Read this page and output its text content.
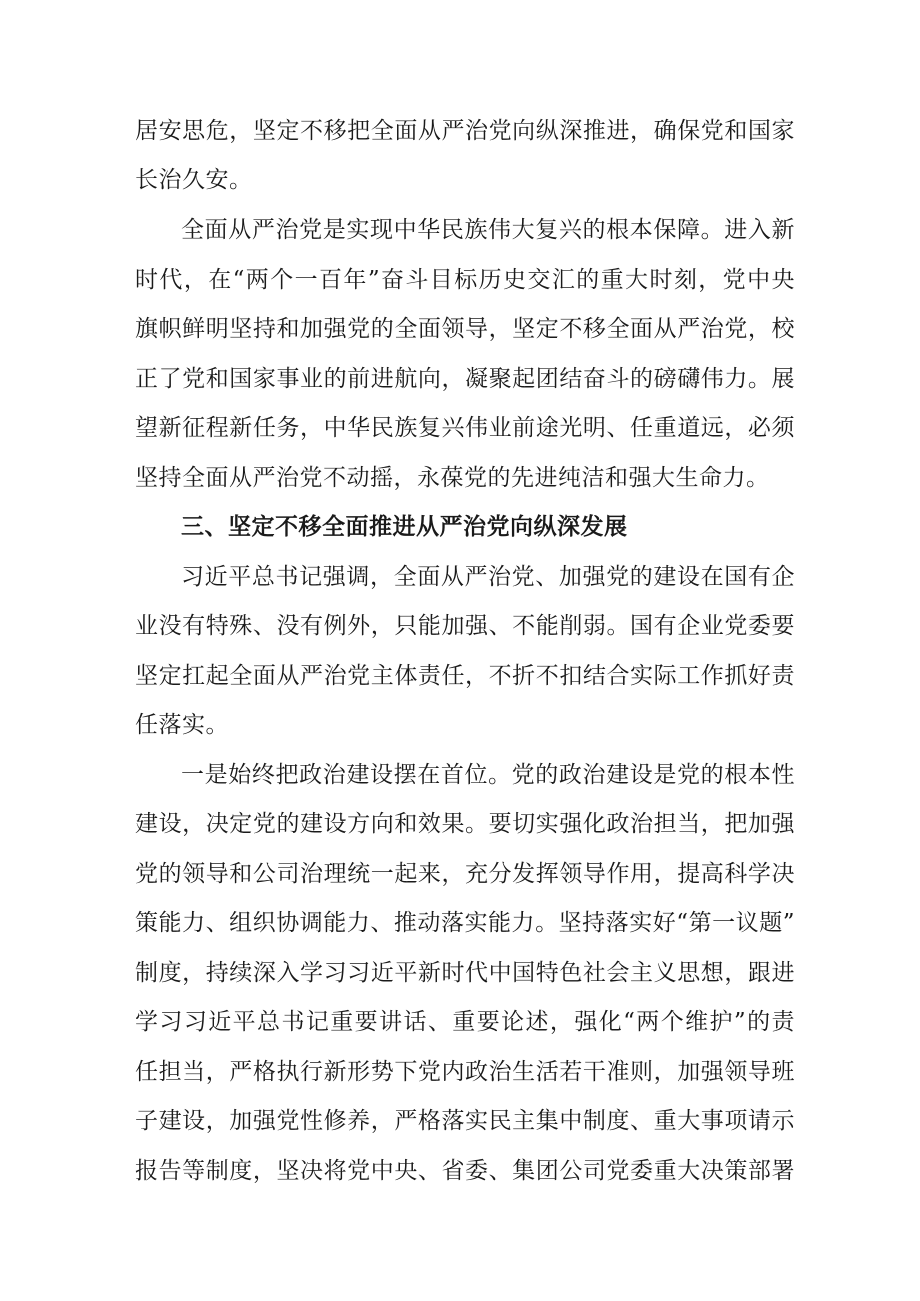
居安思危，坚定不移把全面从严治党向纵深推进，确保党和国家
长治久安。
全面从严治党是实现中华民族伟大复兴的根本保障。进入新
时代，在“两个一百年”奋斗目标历史交汇的重大时刻，党中央
旗帜鲜明坚持和加强党的全面领导，坚定不移全面从严治党，校
正了党和国家事业的前进航向，凝聚起团结奋斗的磅礴伟力。展
望新征程新任务，中华民族复兴伟业前途光明、任重道远，必须
坚持全面从严治党不动摇，永葆党的先进纯洁和强大生命力。
三、坚定不移全面推进从严治党向纵深发展
习近平总书记强调，全面从严治党、加强党的建设在国有企
业没有特殊、没有例外，只能加强、不能削弱。国有企业党委要
坚定扛起全面从严治党主体责任，不折不扣结合实际工作抓好责
任落实。
一是始终把政治建设摆在首位。党的政治建设是党的根本性
建设，决定党的建设方向和效果。要切实强化政治担当，把加强
党的领导和公司治理统一起来，充分发挥领导作用，提高科学决
策能力、组织协调能力、推动落实能力。坚持落实好“第一议题”
制度，持续深入学习习近平新时代中国特色社会主义思想，跟进
学习习近平总书记重要讲话、重要论述，强化“两个维护”的责
任担当，严格执行新形势下党内政治生活若干准则，加强领导班
子建设，加强党性修养，严格落实民主集中制度、重大事项请示
报告等制度，坚决将党中央、省委、集团公司党委重大决策部署
